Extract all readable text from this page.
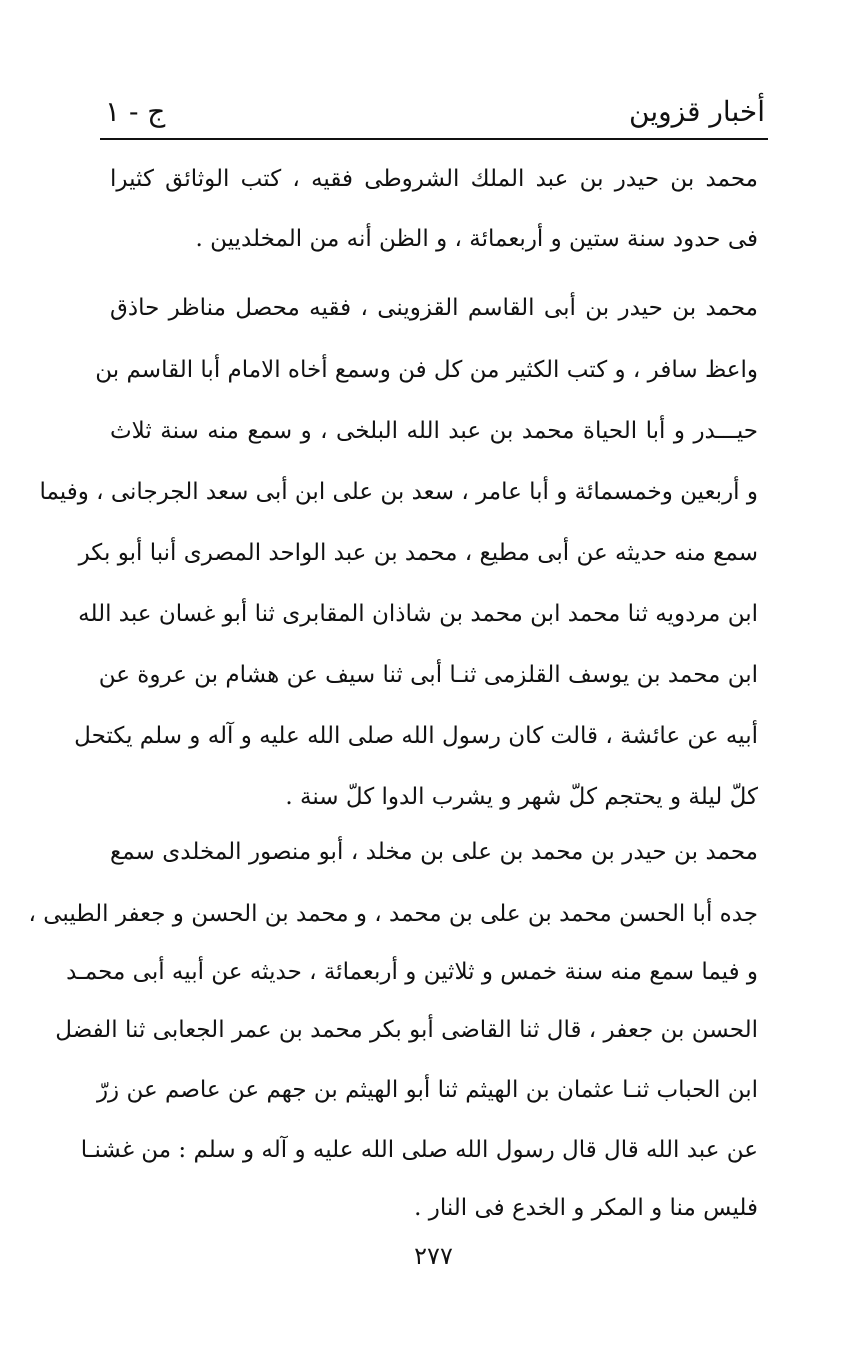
أخبار قزوين
ج - ١
محمد بن حيدر بن عبد الملك الشروطى فقيه ، كتب الوثائق كثيرا
فى حدود سنة ستين و أربعمائة ، و الظن أنه من المخلديين .
محمد بن حيدر بن أبى القاسم القزوينى ، فقيه محصل مناظر حاذق
واعظ سافر ، و كتب الكثير من كل فن وسمع أخاه الامام أبا القاسم بن
حيـــدر و أبا الحياة محمد بن عبد الله البلخى ، و سمع منه سنة ثلاث
و أربعين وخمسمائة و أبا عامر ، سعد بن على ابن أبى سعد الجرجانى ، وفيما
سمع منه حديثه عن أبى مطيع ، محمد بن عبد الواحد المصرى أنبا أبو بكر
ابن مردويه ثنا محمد ابن محمد بن شاذان المقابرى ثنا أبو غسان عبد الله
ابن محمد بن يوسف القلزمى ثنـا أبى ثنا سيف عن هشام بن عروة عن
أبيه عن عائشة ، قالت كان رسول الله صلى الله عليه و آله و سلم يكتحل
كلّ ليلة و يحتجم كلّ شهر و يشرب الدوا كلّ سنة .
محمد بن حيدر بن محمد بن على بن مخلد ، أبو منصور المخلدى سمع
جده أبا الحسن محمد بن على بن محمد ، و محمد بن الحسن و جعفر الطيبى ،
و فيما سمع منه سنة خمس و ثلاثين و أربعمائة ، حديثه عن أبيه أبى محمـد
الحسن بن جعفر ، قال ثنا القاضى أبو بكر محمد بن عمر الجعابى ثنا الفضل
ابن الحباب ثنـا عثمان بن الهيثم ثنا أبو الهيثم بن جهم عن عاصم عن زرّ
عن عبد الله قال قال رسول الله صلى الله عليه و آله و سلم : من غشنـا
فليس منا و المكر و الخدع فى النار .
٢٧٧
